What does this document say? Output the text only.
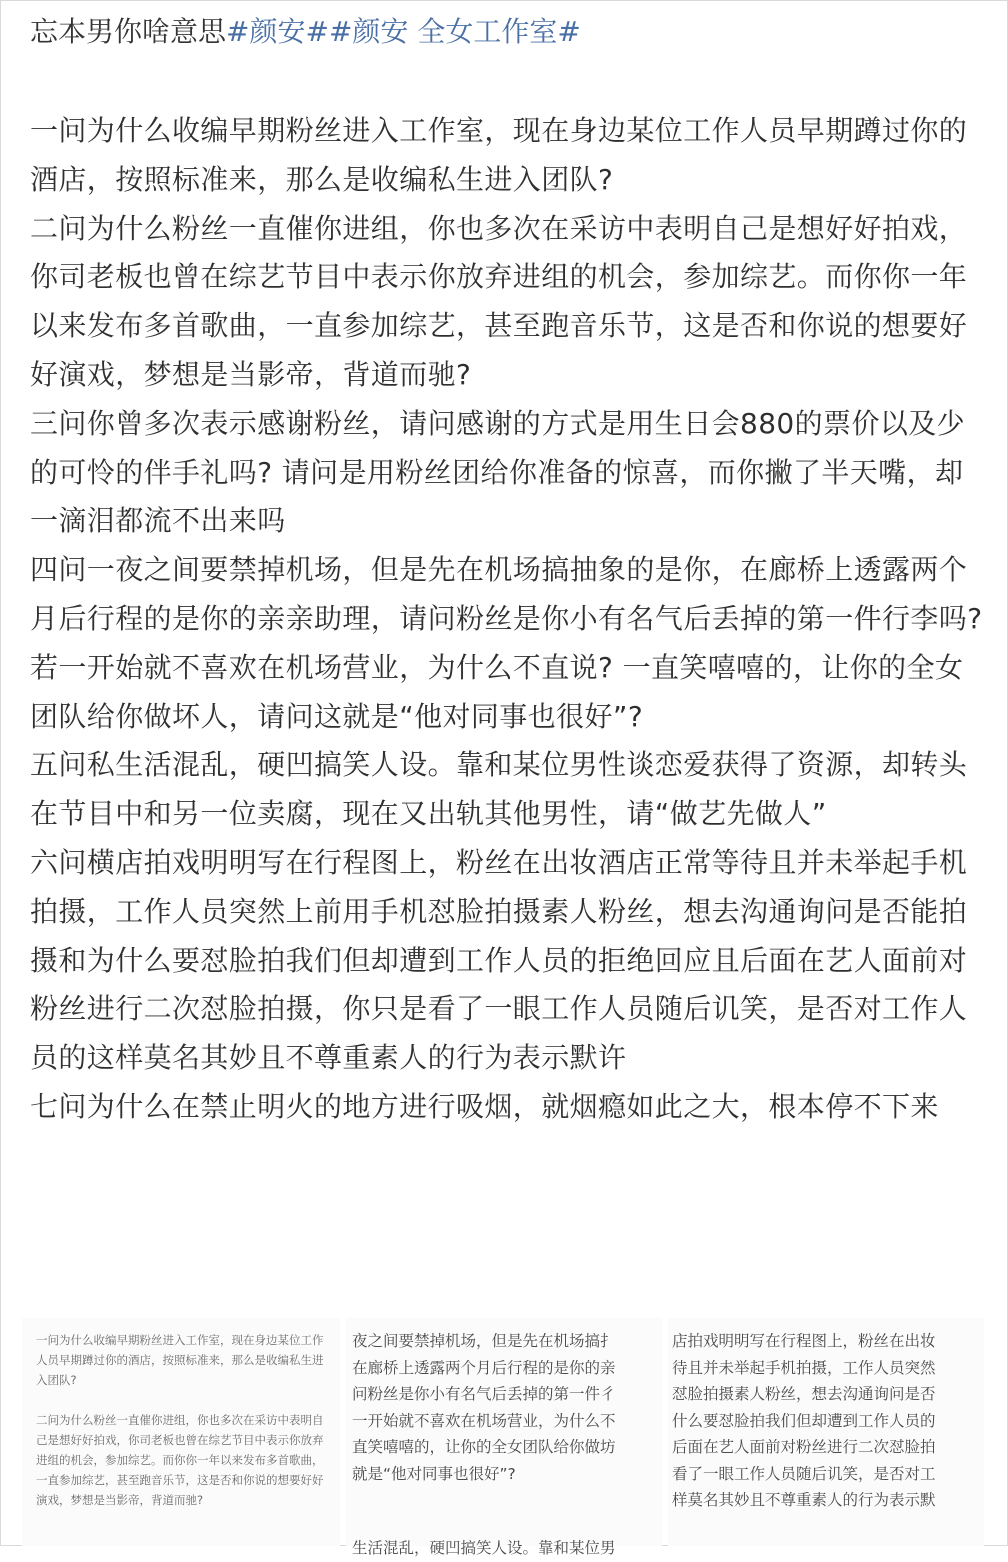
忘本男你啥意思#颜安##颜安 全女工作室#

一问为什么收编早期粉丝进入工作室，现在身边某位工作人员早期蹲过你的酒店，按照标准来，那么是收编私生进入团队?

二问为什么粉丝一直催你进组，你也多次在采访中表明自己是想好好拍戏，你司老板也曾在综艺节目中表示你放弃进组的机会，参加综艺。而你你一年以来发布多首歌曲，一直参加综艺，甚至跑音乐节，这是否和你说的想要好好演戏，梦想是当影帝，背道而驰?

三问你曾多次表示感谢粉丝，请问感谢的方式是用生日会880的票价以及少的可怜的伴手礼吗? 请问是用粉丝团给你准备的惊喜，而你撇了半天嘴，却一滴泪都流不出来吗

四问一夜之间要禁掉机场，但是先在机场搞抽象的是你，在廊桥上透露两个月后行程的是你的亲亲助理，请问粉丝是你小有名气后丢掉的第一件行李吗? 若一开始就不喜欢在机场营业，为什么不直说? 一直笑嘻嘻的，让你的全女团队给你做坏人，请问这就是“他对同事也很好”?

五问私生活混乱，硬凹搞笑人设。靠和某位男性谈恋爱获得了资源，却转头在节目中和另一位卖腐，现在又出轨其他男性，请“做艺先做人”

六问横店拍戏明明写在行程图上，粉丝在出妆酒店正常等待且并未举起手机拍摄，工作人员突然上前用手机怼脸拍摄素人粉丝，想去沟通询问是否能拍摄和为什么要怼脸拍我们但却遭到工作人员的拒绝回应且后面在艺人面前对粉丝进行二次怼脸拍摄，你只是看了一眼工作人员随后讥笑，是否对工作人员的这样莫名其妙且不尊重素人的行为表示默许

七问为什么在禁止明火的地方进行吸烟，就烟瘾如此之大，根本停不下来

一问为什么收编早期粉丝进入工作室，现在身边某位工作人员早期蹲过你的酒店，按照标准来，那么是收编私生进入团队?

二问为什么粉丝一直催你进组，你也多次在采访中表明自己是想好好拍戏，你司老板也曾在综艺节目中表示你放弃进组的机会，参加综艺。而你你一年以来发布多首歌曲，一直参加综艺，甚至跑音乐节，这是否和你说的想要好好演戏，梦想是当影帝，背道而驰?

夜之间要禁掉机场，但是先在机场搞扌
在廊桥上透露两个月后行程的是你的亲
问粉丝是你小有名气后丢掉的第一件彳
一开始就不喜欢在机场营业，为什么不
直笑嘻嘻的，让你的全女团队给你做坊
就是“他对同事也很好”?

生活混乱，硬凹搞笑人设。靠和某位男

店拍戏明明写在行程图上，粉丝在出妆
待且并未举起手机拍摄，工作人员突然
怼脸拍摄素人粉丝，想去沟通询问是否
什么要怼脸拍我们但却遭到工作人员的
后面在艺人面前对粉丝进行二次怼脸拍
看了一眼工作人员随后讥笑，是否对工
样莫名其妙且不尊重素人的行为表示默
